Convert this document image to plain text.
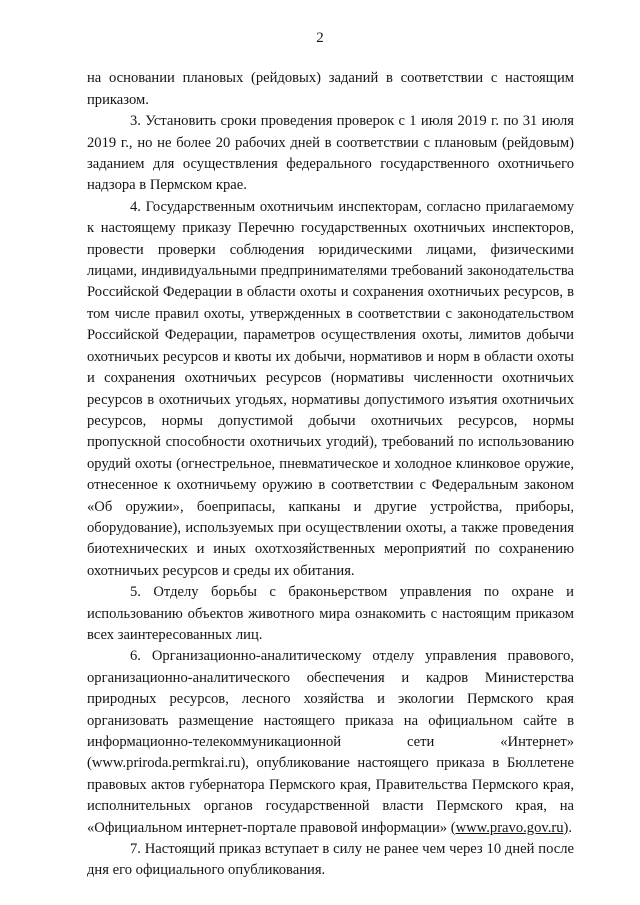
2

на основании плановых (рейдовых) заданий в соответствии с настоящим приказом.

3. Установить сроки проведения проверок с 1 июля 2019 г. по 31 июля 2019 г., но не более 20 рабочих дней в соответствии с плановым (рейдовым) заданием для осуществления федерального государственного охотничьего надзора в Пермском крае.

4. Государственным охотничьим инспекторам, согласно прилагаемому к настоящему приказу Перечню государственных охотничьих инспекторов, провести проверки соблюдения юридическими лицами, физическими лицами, индивидуальными предпринимателями требований законодательства Российской Федерации в области охоты и сохранения охотничьих ресурсов, в том числе правил охоты, утвержденных в соответствии с законодательством Российской Федерации, параметров осуществления охоты, лимитов добычи охотничьих ресурсов и квоты их добычи, нормативов и норм в области охоты и сохранения охотничьих ресурсов (нормативы численности охотничьих ресурсов в охотничьих угодьях, нормативы допустимого изъятия охотничьих ресурсов, нормы допустимой добычи охотничьих ресурсов, нормы пропускной способности охотничьих угодий), требований по использованию орудий охоты (огнестрельное, пневматическое и холодное клинковое оружие, отнесенное к охотничьему оружию в соответствии с Федеральным законом «Об оружии», боеприпасы, капканы и другие устройства, приборы, оборудование), используемых при осуществлении охоты, а также проведения биотехнических и иных охотхозяйственных мероприятий по сохранению охотничьих ресурсов и среды их обитания.

5. Отделу борьбы с браконьерством управления по охране и использованию объектов животного мира ознакомить с настоящим приказом всех заинтересованных лиц.

6. Организационно-аналитическому отделу управления правового, организационно-аналитического обеспечения и кадров Министерства природных ресурсов, лесного хозяйства и экологии Пермского края организовать размещение настоящего приказа на официальном сайте в информационно-телекоммуникационной сети «Интернет» (www.priroda.permkrai.ru), опубликование настоящего приказа в Бюллетене правовых актов губернатора Пермского края, Правительства Пермского края, исполнительных органов государственной власти Пермского края, на «Официальном интернет-портале правовой информации» (www.pravo.gov.ru).

7. Настоящий приказ вступает в силу не ранее чем через 10 дней после дня его официального опубликования.
